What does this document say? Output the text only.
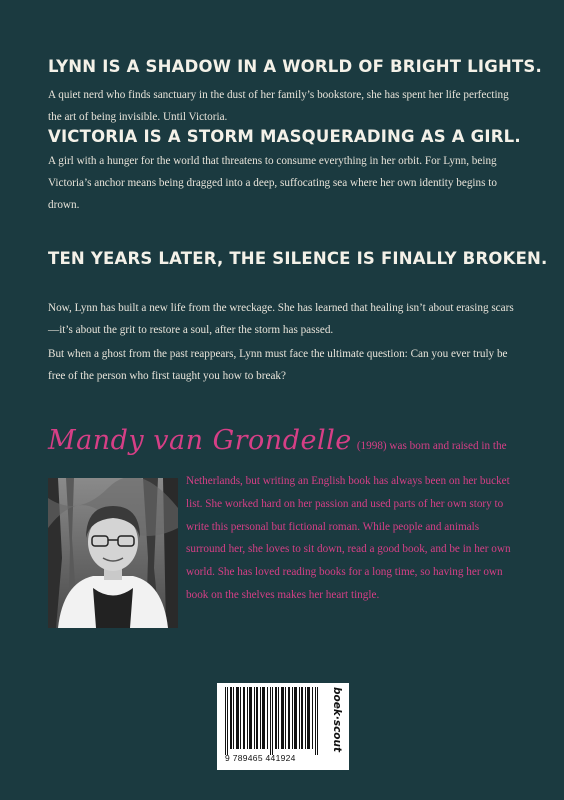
LYNN IS A SHADOW IN A WORLD OF BRIGHT LIGHTS.
A quiet nerd who finds sanctuary in the dust of her family’s bookstore, she has spent her life perfecting the art of being invisible. Until Victoria.
VICTORIA IS A STORM MASQUERADING AS A GIRL. A girl with a hunger for the world that threatens to consume everything in her orbit. For Lynn, being Victoria’s anchor means being dragged into a deep, suffocating sea where her own identity begins to drown.
TEN YEARS LATER, THE SILENCE IS FINALLY BROKEN.
Now, Lynn has built a new life from the wreckage. She has learned that healing isn’t about erasing scars—it’s about the grit to restore a soul, after the storm has passed.
But when a ghost from the past reappears, Lynn must face the ultimate question: Can you ever truly be free of the person who first taught you how to break?
Mandy van Grondelle (1998) was born and raised in the
Netherlands, but writing an English book has always been on her bucket list. She worked hard on her passion and used parts of her own story to write this personal but fictional roman. While people and animals surround her, she loves to sit down, read a good book, and be in her own world. She has loved reading books for a long time, so having her own book on the shelves makes her heart tingle.
9 789465 441924
boek·scout
